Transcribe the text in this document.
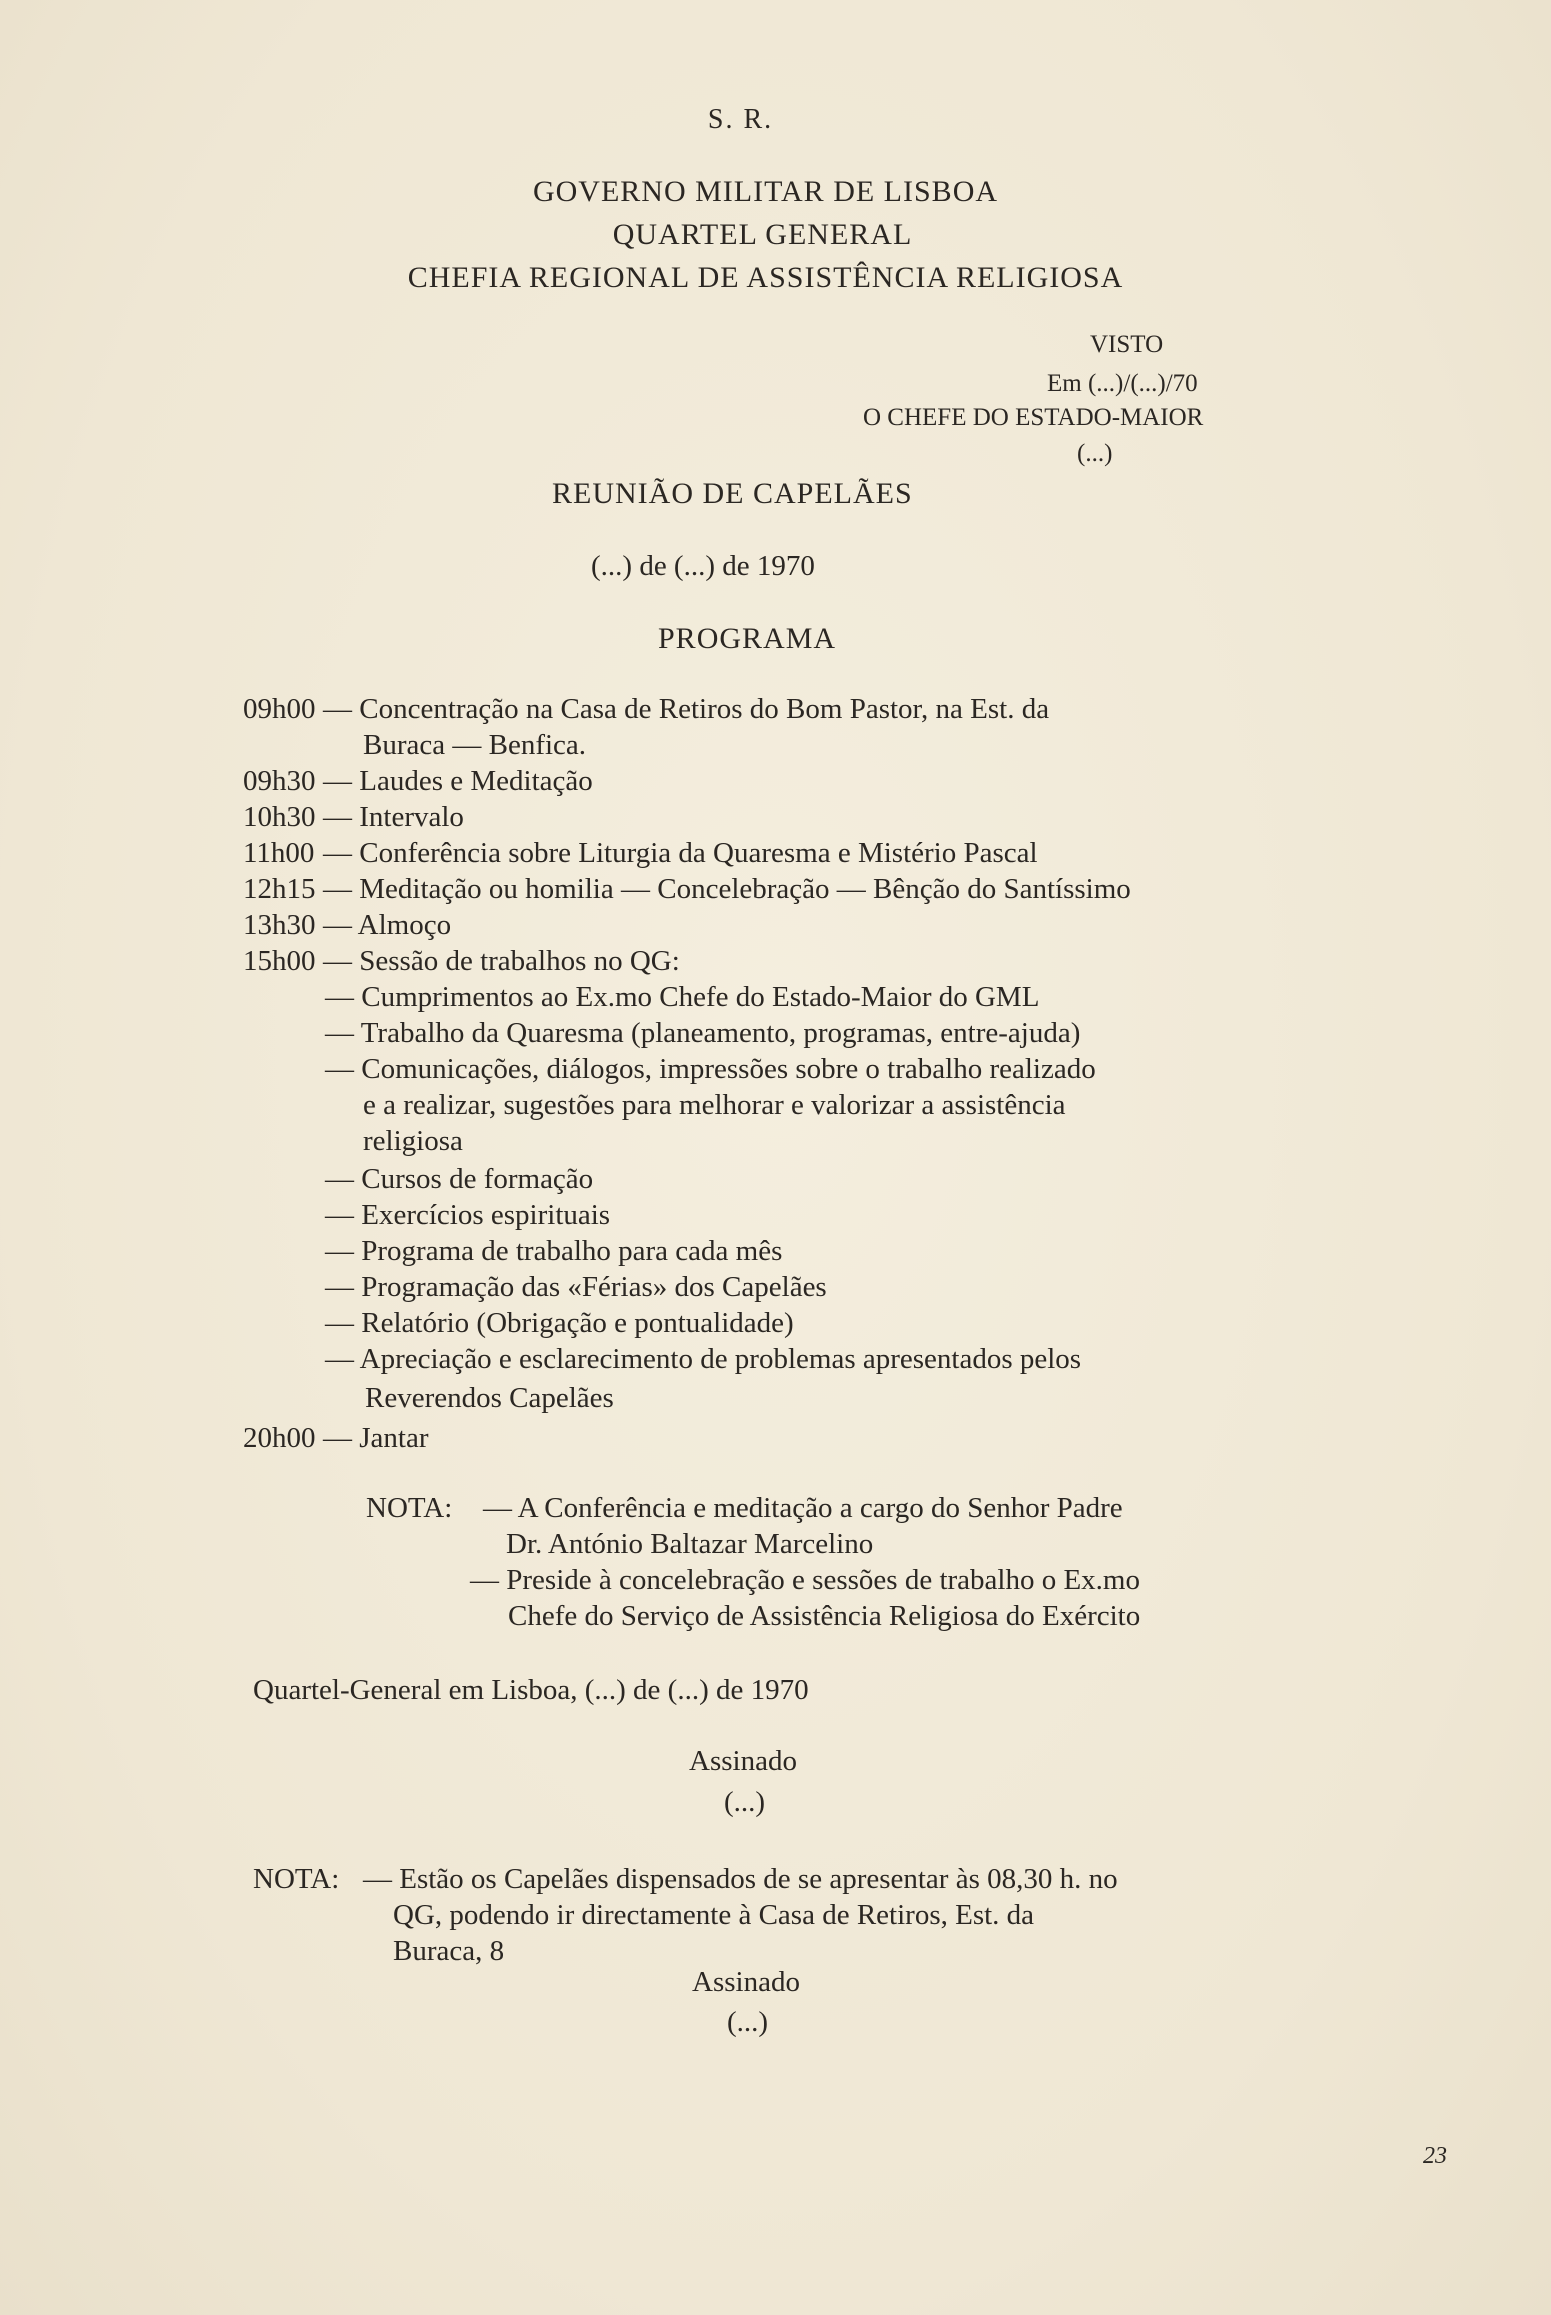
S. R.
GOVERNO MILITAR DE LISBOA
QUARTEL GENERAL
CHEFIA REGIONAL DE ASSISTÊNCIA RELIGIOSA
VISTO
Em (...)/(...)/70
O CHEFE DO ESTADO-MAIOR
(...)
REUNIÃO DE CAPELÃES
(...) de (...) de 1970
PROGRAMA
09h00 — Concentração na Casa de Retiros do Bom Pastor, na Est. da
Buraca — Benfica.
09h30 — Laudes e Meditação
10h30 — Intervalo
11h00 — Conferência sobre Liturgia da Quaresma e Mistério Pascal
12h15 — Meditação ou homilia — Concelebração — Bênção do Santíssimo
13h30 — Almoço
15h00 — Sessão de trabalhos no QG:
— Cumprimentos ao Ex.mo Chefe do Estado-Maior do GML
— Trabalho da Quaresma (planeamento, programas, entre-ajuda)
— Comunicações, diálogos, impressões sobre o trabalho realizado
e a realizar, sugestões para melhorar e valorizar a assistência
religiosa
— Cursos de formação
— Exercícios espirituais
— Programa de trabalho para cada mês
— Programação das «Férias» dos Capelães
— Relatório (Obrigação e pontualidade)
— Apreciação e esclarecimento de problemas apresentados pelos
Reverendos Capelães
20h00 — Jantar
NOTA: — A Conferência e meditação a cargo do Senhor Padre
Dr. António Baltazar Marcelino
— Preside à concelebração e sessões de trabalho o Ex.mo
Chefe do Serviço de Assistência Religiosa do Exército
Quartel-General em Lisboa, (...) de (...) de 1970
Assinado
(...)
NOTA: — Estão os Capelães dispensados de se apresentar às 08,30 h. no
QG, podendo ir directamente à Casa de Retiros, Est. da
Buraca, 8
Assinado
(...)
23
